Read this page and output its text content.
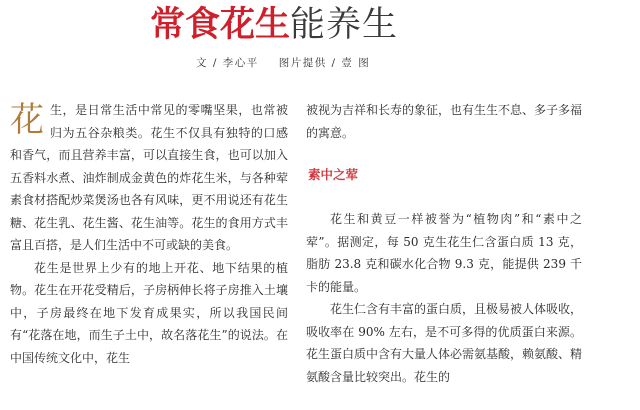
常食花生能养生
文 / 李心平 图片提供 / 壹 图

花生，是日常生活中常见的零嘴坚果，也常被归为五谷杂粮类。花生不仅具有独特的口感和香气，而且营养丰富，可以直接生食，也可以加入五香料水煮、油炸制成金黄色的炸花生米，与各种荤素食材搭配炒菜煲汤也各有风味，更不用说还有花生糖、花生乳、花生酱、花生油等。花生的食用方式丰富且百搭，是人们生活中不可或缺的美食。

花生是世界上少有的地上开花、地下结果的植物。花生在开花受精后，子房柄伸长将子房推入土壤中，子房最终在地下发育成果实，所以我国民间有“花落在地，而生子土中，故名落花生”的说法。在中国传统文化中，花生

被视为吉祥和长寿的象征，也有生生不息、多子多福的寓意。

素中之荤

花生和黄豆一样被誉为“植物肉”和“素中之荤”。据测定，每 50 克生花生仁含蛋白质 13 克，脂肪 23.8 克和碳水化合物 9.3 克，能提供 239 千卡的能量。

花生仁含有丰富的蛋白质，且极易被人体吸收，吸收率在 90% 左右，是不可多得的优质蛋白来源。花生蛋白质中含有大量人体必需氨基酸，赖氨酸、精氨酸含量比较突出。花生的
